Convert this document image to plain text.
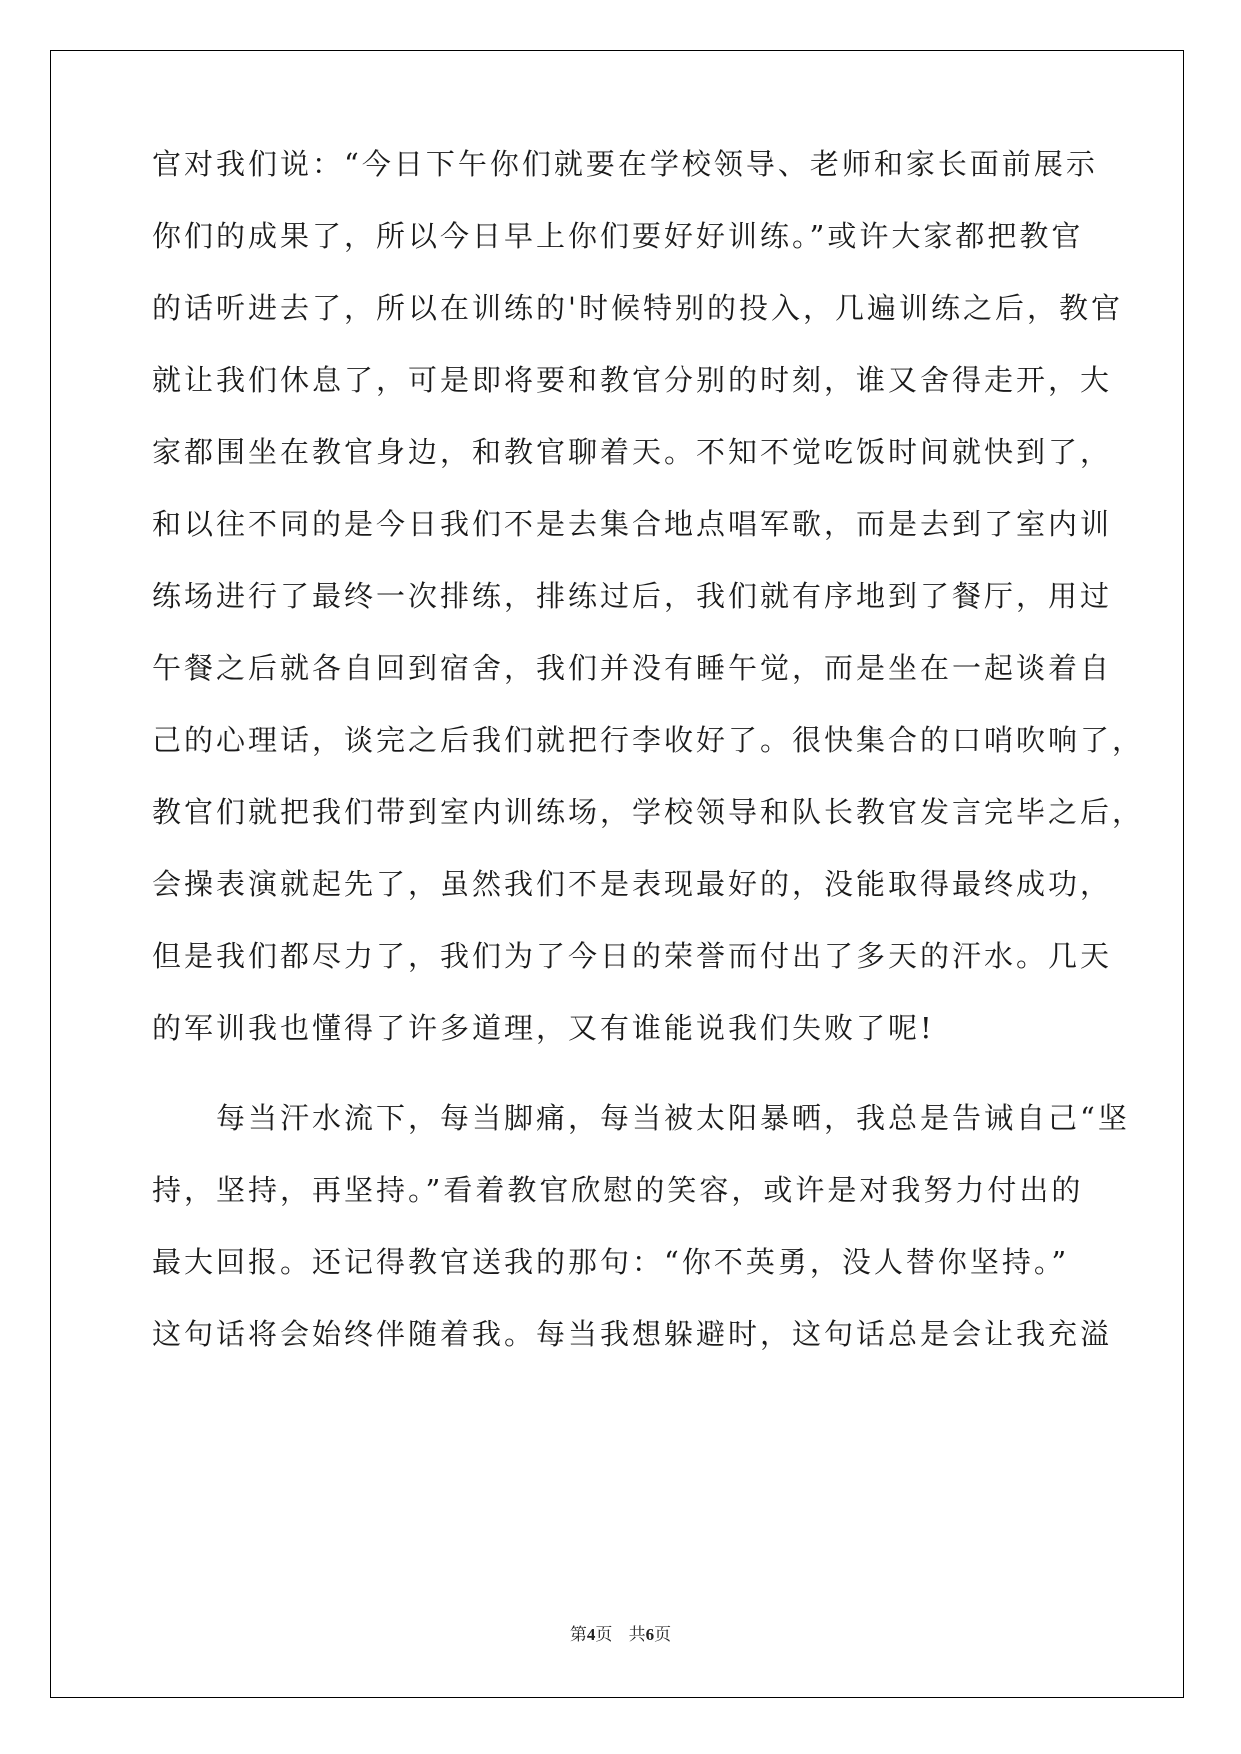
官对我们说：“今日下午你们就要在学校领导、老师和家长面前展示
你们的成果了，所以今日早上你们要好好训练。”或许大家都把教官
的话听进去了，所以在训练的'时候特别的投入，几遍训练之后，教官
就让我们休息了，可是即将要和教官分别的时刻，谁又舍得走开，大
家都围坐在教官身边，和教官聊着天。不知不觉吃饭时间就快到了，
和以往不同的是今日我们不是去集合地点唱军歌，而是去到了室内训
练场进行了最终一次排练，排练过后，我们就有序地到了餐厅，用过
午餐之后就各自回到宿舍，我们并没有睡午觉，而是坐在一起谈着自
己的心理话，谈完之后我们就把行李收好了。很快集合的口哨吹响了，
教官们就把我们带到室内训练场，学校领导和队长教官发言完毕之后，
会操表演就起先了，虽然我们不是表现最好的，没能取得最终成功，
但是我们都尽力了，我们为了今日的荣誉而付出了多天的汗水。几天
的军训我也懂得了许多道理，又有谁能说我们失败了呢!
每当汗水流下，每当脚痛，每当被太阳暴晒，我总是告诫自己“坚
持，坚持，再坚持。”看着教官欣慰的笑容，或许是对我努力付出的
最大回报。还记得教官送我的那句：“你不英勇，没人替你坚持。”
这句话将会始终伴随着我。每当我想躲避时，这句话总是会让我充溢
第4页 共6页
